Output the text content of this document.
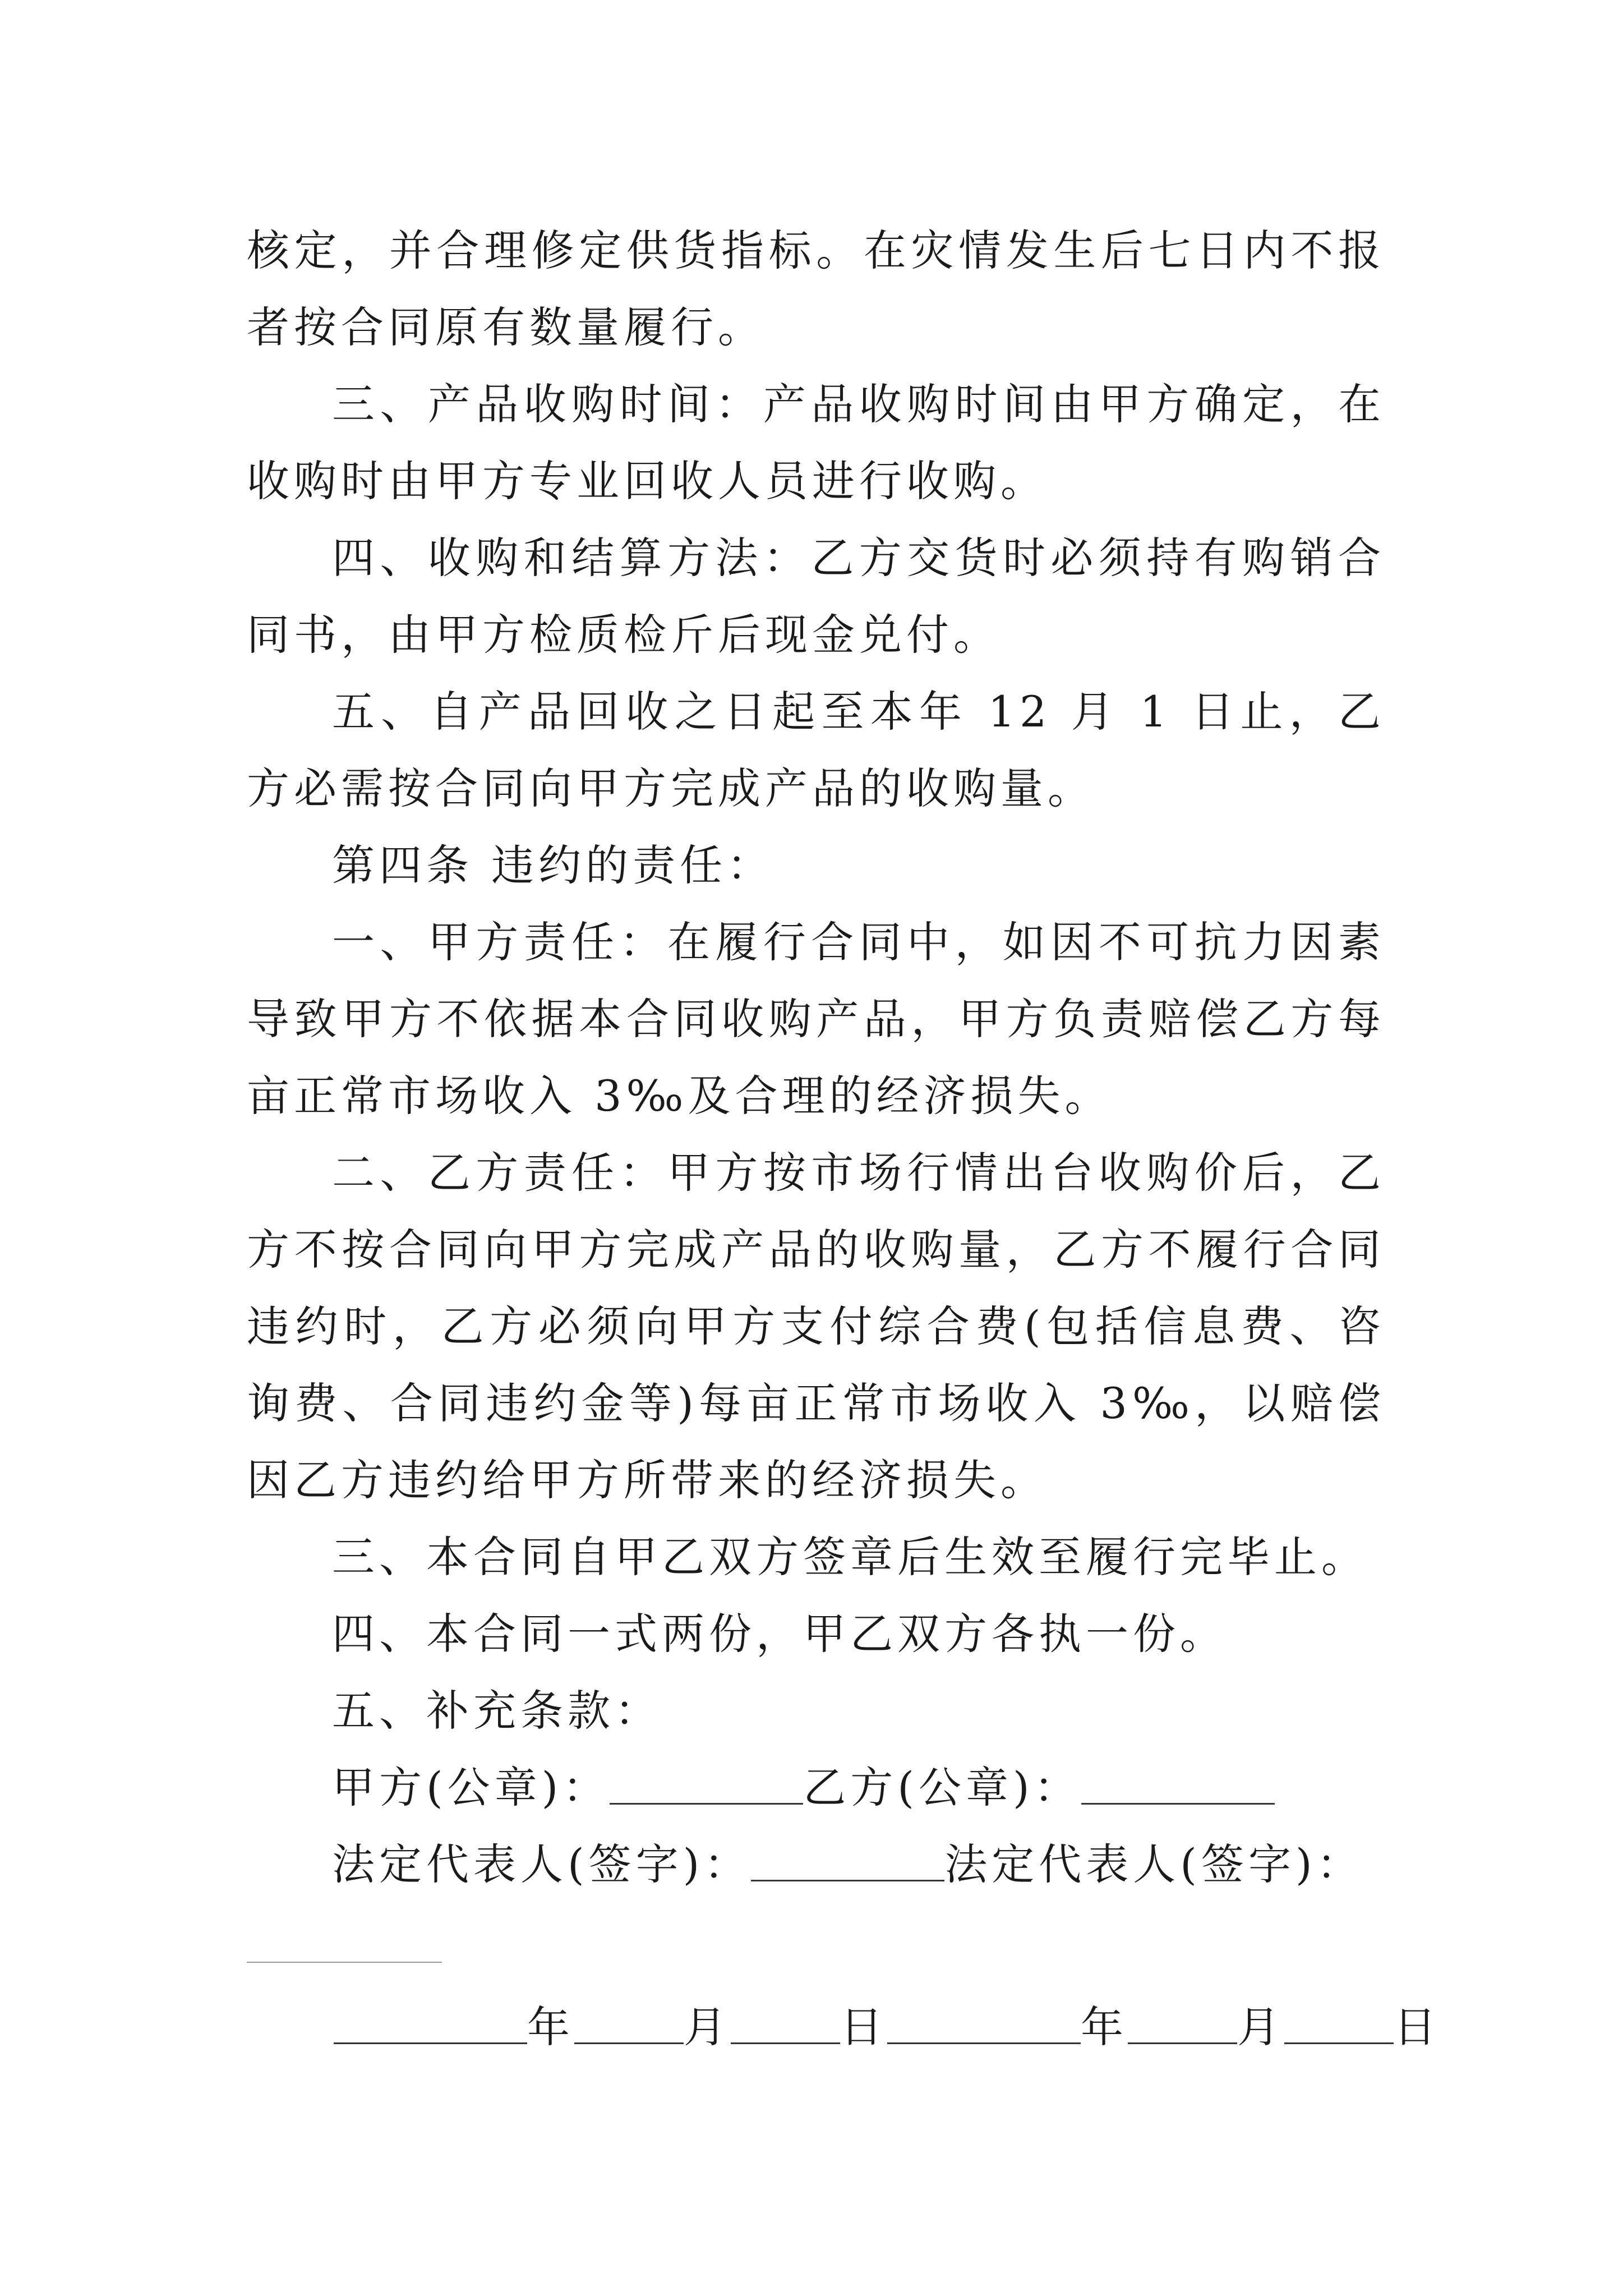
核定，并合理修定供货指标。在灾情发生后七日内不报者按合同原有数量履行。

三、产品收购时间：产品收购时间由甲方确定，在收购时由甲方专业回收人员进行收购。

四、收购和结算方法：乙方交货时必须持有购销合同书，由甲方检质检斤后现金兑付。

五、自产品回收之日起至本年 12 月 1 日止，乙方必需按合同向甲方完成产品的收购量。

第四条 违约的责任：

一、甲方责任：在履行合同中，如因不可抗力因素导致甲方不依据本合同收购产品，甲方负责赔偿乙方每亩正常市场收入 3‰及合理的经济损失。

二、乙方责任：甲方按市场行情出台收购价后，乙方不按合同向甲方完成产品的收购量，乙方不履行合同违约时，乙方必须向甲方支付综合费(包括信息费、咨询费、合同违约金等)每亩正常市场收入 3‰，以赔偿因乙方违约给甲方所带来的经济损失。

三、本合同自甲乙双方签章后生效至履行完毕止。

四、本合同一式两份，甲乙双方各执一份。

五、补充条款：

甲方(公章)：	乙方(公章)：
法定代表人(签字)：	法定代表人(签字)：
年	月	日	年	月	日
